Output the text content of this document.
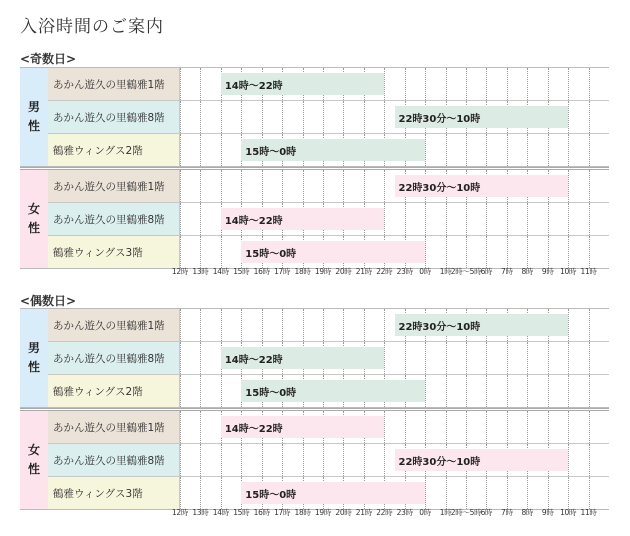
入浴時間のご案内
<奇数日>
男
性
あかん遊久の里鶴雅1階	14時〜22時
あかん遊久の里鶴雅8階	22時30分〜10時
鶴雅ウィングス2階	15時〜0時
女
性
あかん遊久の里鶴雅1階	22時30分〜10時
あかん遊久の里鶴雅8階	14時〜22時
鶴雅ウィングス3階	15時〜0時
12時 13時 14時 15時 16時 17時 18時 19時 20時 21時 22時 23時 0時 1時 2時〜5時 6時 7時 8時 9時 10時 11時
<偶数日>
男
性
あかん遊久の里鶴雅1階	22時30分〜10時
あかん遊久の里鶴雅8階	14時〜22時
鶴雅ウィングス2階	15時〜0時
女
性
あかん遊久の里鶴雅1階	14時〜22時
あかん遊久の里鶴雅8階	22時30分〜10時
鶴雅ウィングス3階	15時〜0時
12時 13時 14時 15時 16時 17時 18時 19時 20時 21時 22時 23時 0時 1時 2時〜5時 6時 7時 8時 9時 10時 11時
